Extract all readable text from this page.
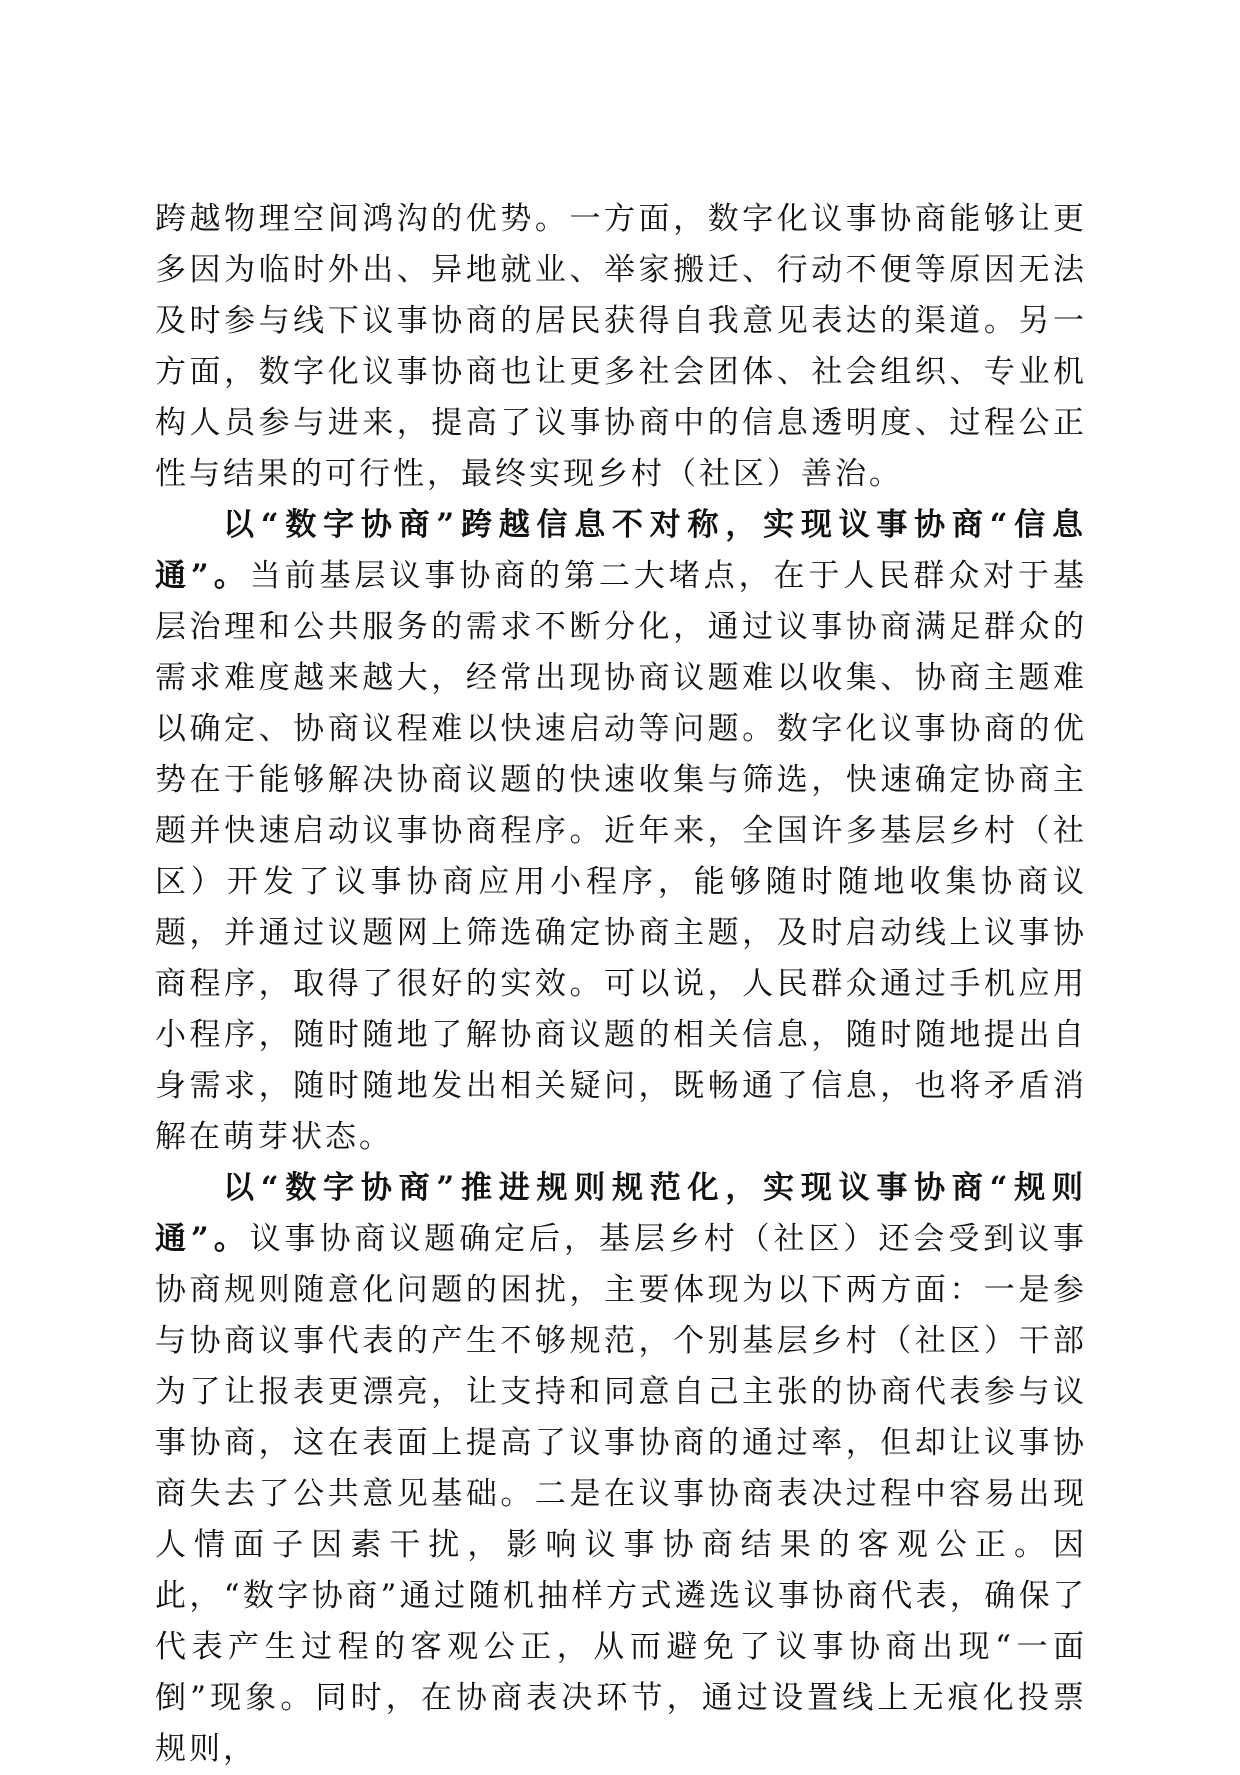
跨越物理空间鸿沟的优势。一方面，数字化议事协商能够让更多因为临时外出、异地就业、举家搬迁、行动不便等原因无法及时参与线下议事协商的居民获得自我意见表达的渠道。另一方面，数字化议事协商也让更多社会团体、社会组织、专业机构人员参与进来，提高了议事协商中的信息透明度、过程公正性与结果的可行性，最终实现乡村（社区）善治。

以“数字协商”跨越信息不对称，实现议事协商“信息通”。当前基层议事协商的第二大堵点，在于人民群众对于基层治理和公共服务的需求不断分化，通过议事协商满足群众的需求难度越来越大，经常出现协商议题难以收集、协商主题难以确定、协商议程难以快速启动等问题。数字化议事协商的优势在于能够解决协商议题的快速收集与筛选，快速确定协商主题并快速启动议事协商程序。近年来，全国许多基层乡村（社区）开发了议事协商应用小程序，能够随时随地收集协商议题，并通过议题网上筛选确定协商主题，及时启动线上议事协商程序，取得了很好的实效。可以说，人民群众通过手机应用小程序，随时随地了解协商议题的相关信息，随时随地提出自身需求，随时随地发出相关疑问，既畅通了信息，也将矛盾消解在萌芽状态。

以“数字协商”推进规则规范化，实现议事协商“规则通”。议事协商议题确定后，基层乡村（社区）还会受到议事协商规则随意化问题的困扰，主要体现为以下两方面：一是参与协商议事代表的产生不够规范，个别基层乡村（社区）干部为了让报表更漂亮，让支持和同意自己主张的协商代表参与议事协商，这在表面上提高了议事协商的通过率，但却让议事协商失去了公共意见基础。二是在议事协商表决过程中容易出现人情面子因素干扰，影响议事协商结果的客观公正。因此，“数字协商”通过随机抽样方式遴选议事协商代表，确保了代表产生过程的客观公正，从而避免了议事协商出现“一面倒”现象。同时，在协商表决环节，通过设置线上无痕化投票规则，
